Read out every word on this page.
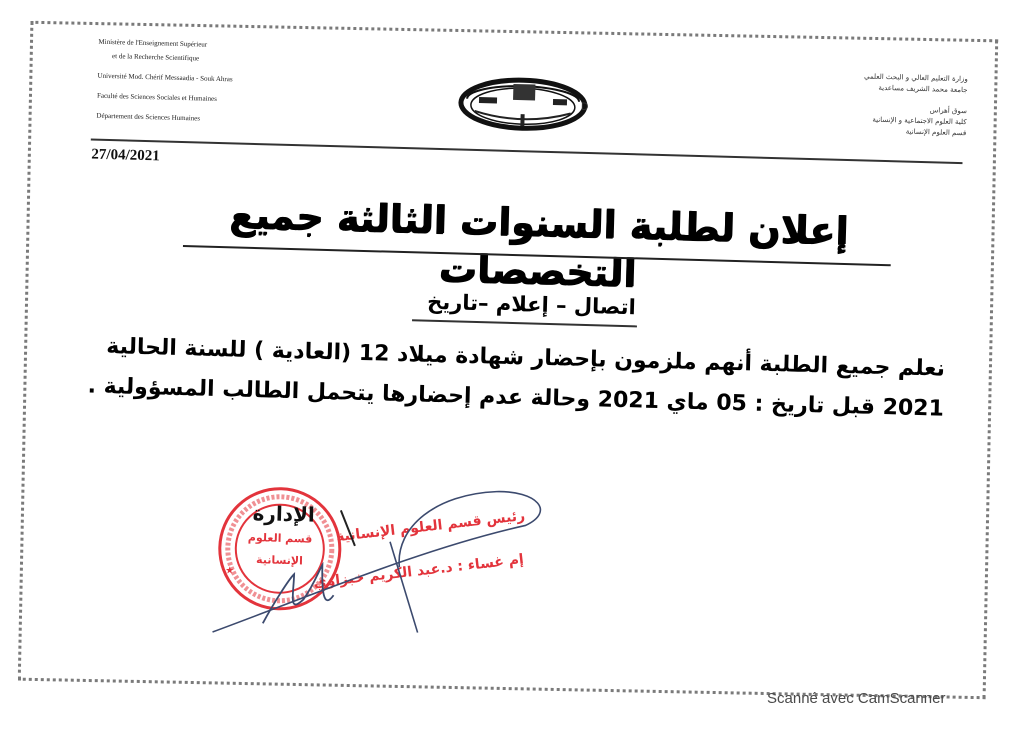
Ministère de l'Enseignement Supérieur
et de la Recherche Scientifique
Université Mod. Chérif Messaadia - Souk Ahras
Faculté des Sciences Sociales et Humaines
Département des Sciences Humaines
D
وزارة التعليم العالي و البحث العلمي
جامعة محمد الشريف مساعدية
سوق أهراس
كلية العلوم الاجتماعية و الإنسانية
قسم العلوم الإنسانية
27/04/2021
إعلان لطلبة السنوات الثالثة جميع التخصصات
اتصال – إعلام –تاريخ
نعلم جميع الطلبة أنهم ملزمون بإحضار شهادة ميلاد 12 (العادية ) للسنة الحالية
2021 قبل تاريخ : 05 ماي 2021 وحالة عدم إحضارها يتحمل الطالب المسؤولية .
★
الإدارة
قسم العلوم
الإنسانية
رئيس قسم العلوم الإنسانية
إم غساء : د.عبد الكريم خبزاوي
Scanné avec CamScanner
